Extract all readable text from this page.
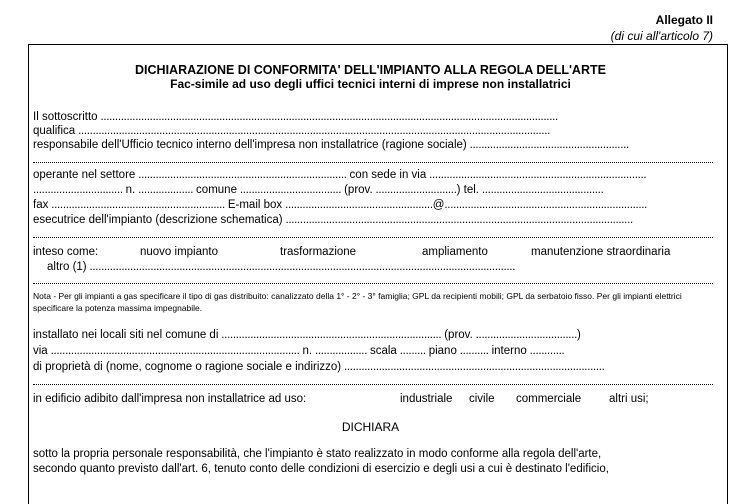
Allegato II
(di cui all'articolo 7)
DICHIARAZIONE DI CONFORMITA' DELL'IMPIANTO ALLA REGOLA DELL'ARTE
Fac-simile ad uso degli uffici tecnici interni di imprese non installatrici
Il sottoscritto ..............................................................................................................................................................
qualifica ...................................................................................................................................................................
responsabile dell'Ufficio tecnico interno dell'impresa non installatrice (ragione sociale) .......................................................
operante nel settore ........................................................................ con sede in via ...........................................................................
............................... n. ................... comune ................................... (prov. ............................) tel. ..........................................
fax ............................................................ E-mail box ...................................................@......................................................................
esecutrice dell'impianto (descrizione schematica) ........................................................................................................................
inteso come:	nuovo impianto	trasformazione	ampliamento	manutenzione straordinaria
altro (1) ...................................................................................................................................................
Nota - Per gli impianti a gas specificare il tipo di gas distribuito: canalizzato della 1° - 2° - 3° famiglia; GPL da recipienti mobili; GPL da serbatoio fisso. Per gli impianti elettrici specificare la potenza massima impegnabile.
installato nei locali siti nel comune di ............................................................................ (prov. ...................................)
via ...................................................................................... n. .................. scala ......... piano .......... interno ............
di proprietà di (nome, cognome o ragione sociale e indirizzo) ..........................................................................................
in edificio adibito dall'impresa non installatrice ad uso:	industriale civile commerciale altri usi;
DICHIARA
sotto la propria personale responsabilità, che l'impianto è stato realizzato in modo conforme alla regola dell'arte,
secondo quanto previsto dall'art. 6, tenuto conto delle condizioni di esercizio e degli usi a cui è destinato l'edificio,
